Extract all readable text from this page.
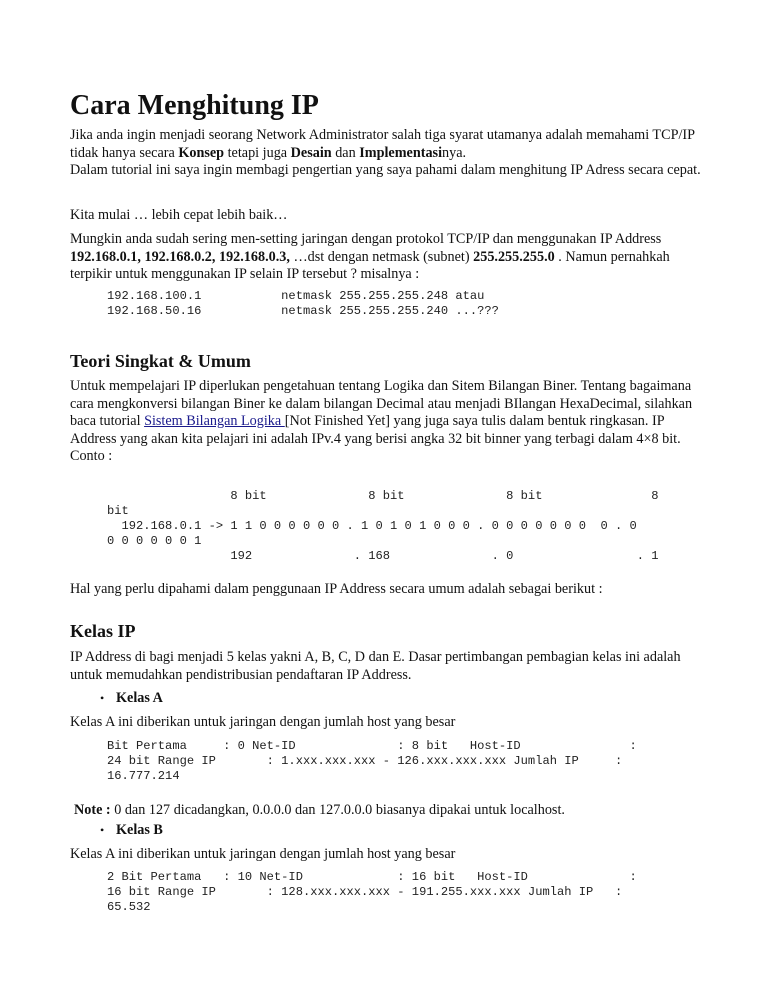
Cara Menghitung IP

Jika anda ingin menjadi seorang Network Administrator salah tiga syarat utamanya adalah memahami TCP/IP tidak hanya secara Konsep tetapi juga Desain dan Implementasinya.
Dalam tutorial ini saya ingin membagi pengertian yang saya pahami dalam menghitung IP Adress secara cepat.

Kita mulai … lebih cepat lebih baik…

Mungkin anda sudah sering men-setting jaringan dengan protokol TCP/IP dan menggunakan IP Address 192.168.0.1, 192.168.0.2, 192.168.0.3, …dst dengan netmask (subnet) 255.255.255.0 . Namun pernahkah terpikir untuk menggunakan IP selain IP tersebut ? misalnya :

192.168.100.1           netmask 255.255.255.248 atau
192.168.50.16           netmask 255.255.255.240 ...???
Teori Singkat & Umum

Untuk mempelajari IP diperlukan pengetahuan tentang Logika dan Sitem Bilangan Biner. Tentang bagaimana cara mengkonversi bilangan Biner ke dalam bilangan Decimal atau menjadi BIlangan HexaDecimal, silahkan baca tutorial Sistem Bilangan Logika [Not Finished Yet] yang juga saya tulis dalam bentuk ringkasan. IP Address yang akan kita pelajari ini adalah IPv.4 yang berisi angka 32 bit binner yang terbagi dalam 4×8 bit.
Conto :

8 bit              8 bit              8 bit               8
bit
192.168.0.1 -> 1 1 0 0 0 0 0 0 . 1 0 1 0 1 0 0 0 . 0 0 0 0 0 0 0  0 . 0
0 0 0 0 0 0 1
192              . 168              . 0                 . 1

Hal yang perlu dipahami dalam penggunaan IP Address secara umum adalah sebagai berikut :

Kelas IP

IP Address di bagi menjadi 5 kelas yakni A, B, C, D dan E. Dasar pertimbangan pembagian kelas ini adalah untuk memudahkan pendistribusian pendaftaran IP Address.

• Kelas A

Kelas A ini diberikan untuk jaringan dengan jumlah host yang besar

Bit Pertama     : 0 Net-ID              : 8 bit   Host-ID               :
24 bit Range IP       : 1.xxx.xxx.xxx - 126.xxx.xxx.xxx Jumlah IP     :
16.777.214

Note : 0 dan 127 dicadangkan, 0.0.0.0 dan 127.0.0.0 biasanya dipakai untuk localhost.

• Kelas B

Kelas A ini diberikan untuk jaringan dengan jumlah host yang besar

2 Bit Pertama   : 10 Net-ID             : 16 bit   Host-ID              :
16 bit Range IP       : 128.xxx.xxx.xxx - 191.255.xxx.xxx Jumlah IP   :
65.532
